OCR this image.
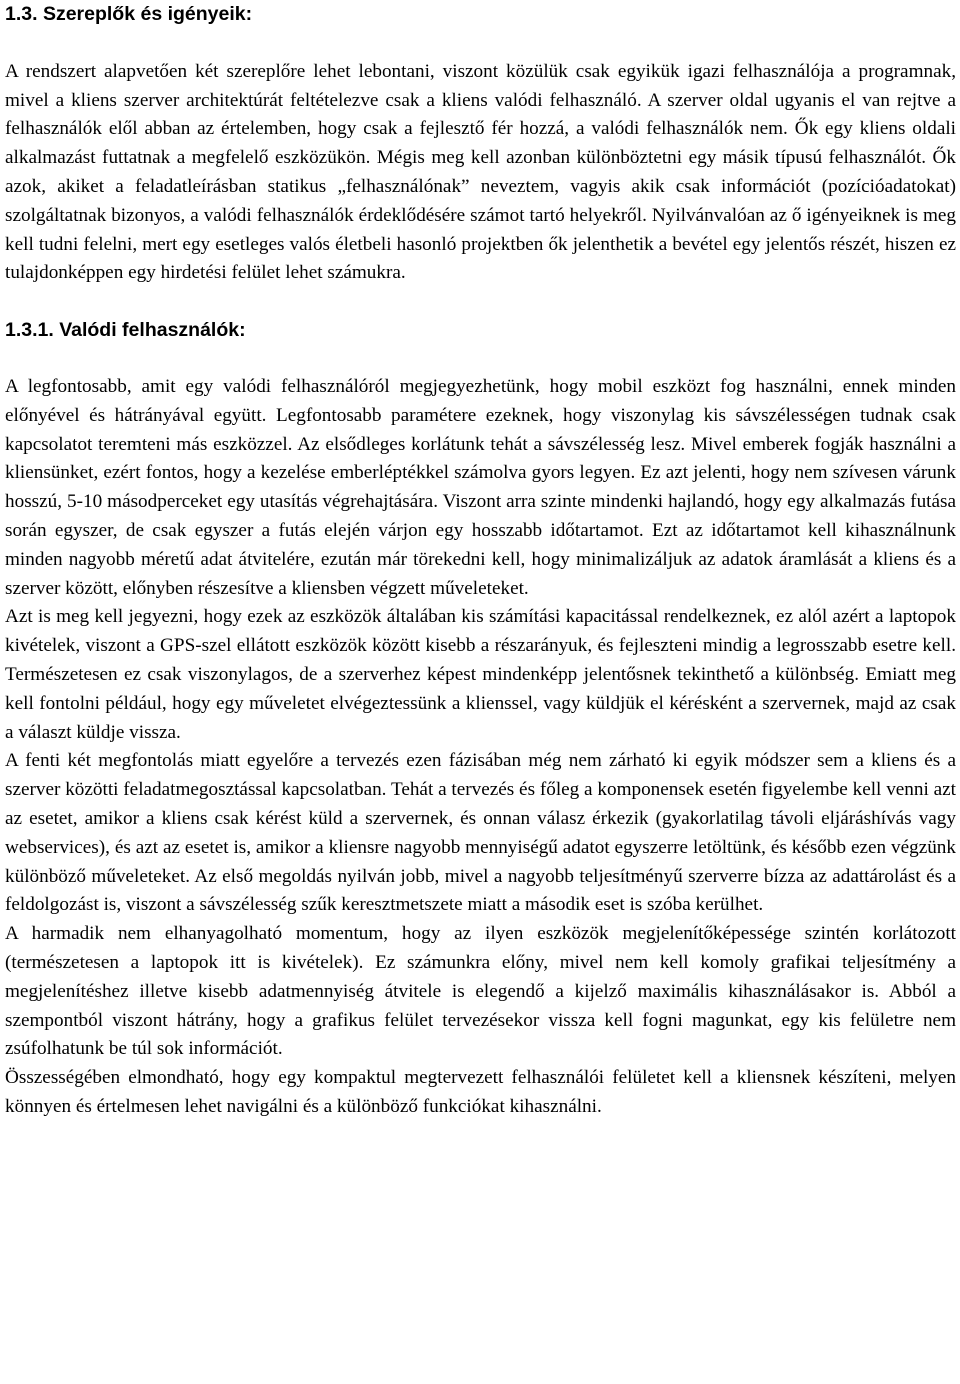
1.3. Szereplők és igényeik:

A rendszert alapvetően két szereplőre lehet lebontani, viszont közülük csak egyikük igazi felhasználója a programnak, mivel a kliens szerver architektúrát feltételezve csak a kliens valódi felhasználó. A szerver oldal ugyanis el van rejtve a felhasználók elől abban az értelemben, hogy csak a fejlesztő fér hozzá, a valódi felhasználók nem. Ők egy kliens oldali alkalmazást futtatnak a megfelelő eszközükön. Mégis meg kell azonban különböztetni egy másik típusú felhasználót. Ők azok, akiket a feladatleírásban statikus „felhasználónak” neveztem, vagyis akik csak információt (pozícióadatokat) szolgáltatnak bizonyos, a valódi felhasználók érdeklődésére számot tartó helyekről. Nyilvánvalóan az ő igényeiknek is meg kell tudni felelni, mert egy esetleges valós életbeli hasonló projektben ők jelenthetik a bevétel egy jelentős részét, hiszen ez tulajdonképpen egy hirdetési felület lehet számukra.

1.3.1. Valódi felhasználók:

A legfontosabb, amit egy valódi felhasználóról megjegyezhetünk, hogy mobil eszközt fog használni, ennek minden előnyével és hátrányával együtt. Legfontosabb paramétere ezeknek, hogy viszonylag kis sávszélességen tudnak csak kapcsolatot teremteni más eszközzel. Az elsődleges korlátunk tehát a sávszélesség lesz. Mivel emberek fogják használni a kliensünket, ezért fontos, hogy a kezelése emberléptékkel számolva gyors legyen. Ez azt jelenti, hogy nem szívesen várunk hosszú, 5-10 másodperceket egy utasítás végrehajtására. Viszont arra szinte mindenki hajlandó, hogy egy alkalmazás futása során egyszer, de csak egyszer a futás elején várjon egy hosszabb időtartamot. Ezt az időtartamot kell kihasználnunk minden nagyobb méretű adat átvitelére, ezután már törekedni kell, hogy minimalizáljuk az adatok áramlását a kliens és a szerver között, előnyben részesítve a kliensben végzett műveleteket.

Azt is meg kell jegyezni, hogy ezek az eszközök általában kis számítási kapacitással rendelkeznek, ez alól azért a laptopok kivételek, viszont a GPS-szel ellátott eszközök között kisebb a részarányuk, és fejleszteni mindig a legrosszabb esetre kell. Természetesen ez csak viszonylagos, de a szerverhez képest mindenképp jelentősnek tekinthető a különbség. Emiatt meg kell fontolni például, hogy egy műveletet elvégeztessünk a klienssel, vagy küldjük el kérésként a szervernek, majd az csak a választ küldje vissza.

A fenti két megfontolás miatt egyelőre a tervezés ezen fázisában még nem zárható ki egyik módszer sem a kliens és a szerver közötti feladatmegosztással kapcsolatban. Tehát a tervezés és főleg a komponensek esetén figyelembe kell venni azt az esetet, amikor a kliens csak kérést küld a szervernek, és onnan válasz érkezik (gyakorlatilag távoli eljáráshívás vagy webservices), és azt az esetet is, amikor a kliensre nagyobb mennyiségű adatot egyszerre letöltünk, és később ezen végzünk különböző műveleteket. Az első megoldás nyilván jobb, mivel a nagyobb teljesítményű szerverre bízza az adattárolást és a feldolgozást is, viszont a sávszélesség szűk keresztmetszete miatt a második eset is szóba kerülhet.

A harmadik nem elhanyagolható momentum, hogy az ilyen eszközök megjelenítőképessége szintén korlátozott (természetesen a laptopok itt is kivételek). Ez számunkra előny, mivel nem kell komoly grafikai teljesítmény a megjelenítéshez illetve kisebb adatmennyiség átvitele is elegendő a kijelző maximális kihasználásakor is. Abból a szempontból viszont hátrány, hogy a grafikus felület tervezésekor vissza kell fogni magunkat, egy kis felületre nem zsúfolhatunk be túl sok információt.

Összességében elmondható, hogy egy kompaktul megtervezett felhasználói felületet kell a kliensnek készíteni, melyen könnyen és értelmesen lehet navigálni és a különböző funkciókat kihasználni.
